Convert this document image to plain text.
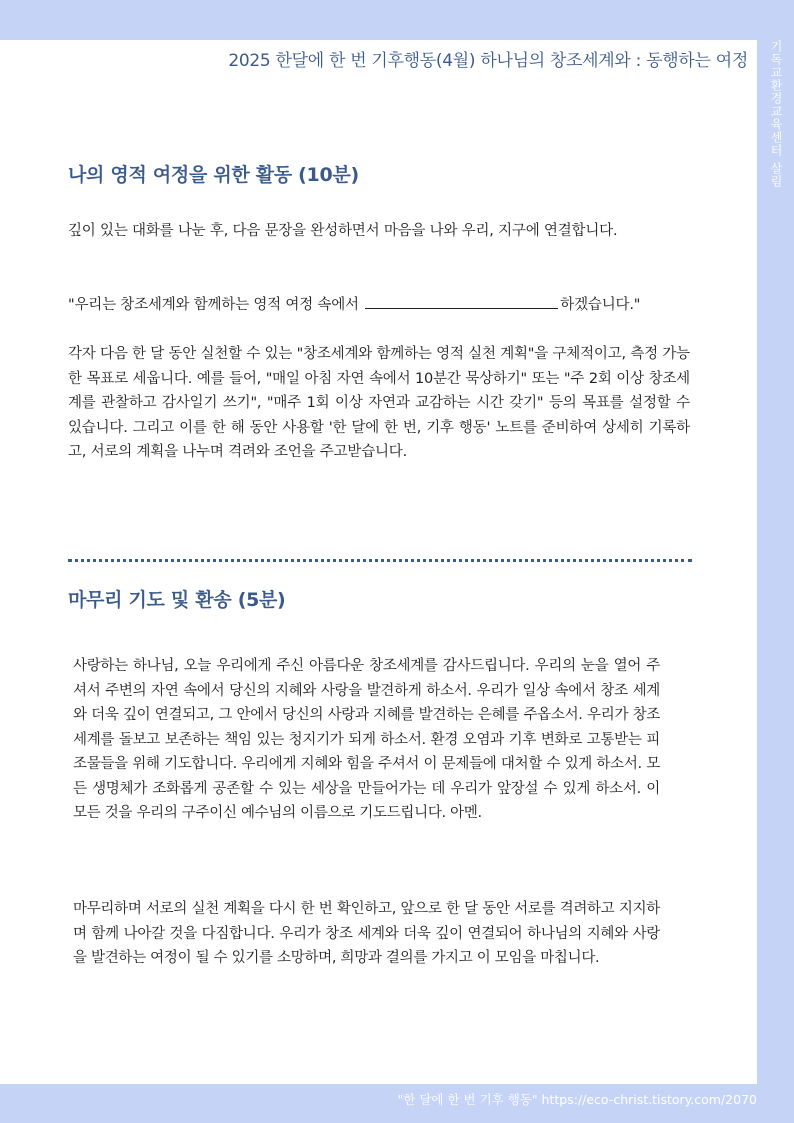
2025 한달에 한 번 기후행동(4월) 하나님의 창조세계와 : 동행하는 여정 기독교환경교육센터 살림
나의 영적 여정을 위한 활동 (10분)
깊이 있는 대화를 나눈 후, 다음 문장을 완성하면서 마음을 나와 우리, 지구에 연결합니다.
"우리는 창조세계와 함께하는 영적 여정 속에서	하겠습니다."
각자 다음 한 달 동안 실천할 수 있는 "창조세계와 함께하는 영적 실천 계획"을 구체적이고, 측정 가능한 목표로 세웁니다. 예를 들어, "매일 아침 자연 속에서 10분간 묵상하기" 또는 "주 2회 이상 창조세계를 관찰하고 감사일기 쓰기", "매주 1회 이상 자연과 교감하는 시간 갖기" 등의 목표를 설정할 수 있습니다. 그리고 이를 한 해 동안 사용할 '한 달에 한 번, 기후 행동' 노트를 준비하여 상세히 기록하고, 서로의 계획을 나누며 격려와 조언을 주고받습니다.
마무리 기도 및 환송 (5분)
사랑하는 하나님, 오늘 우리에게 주신 아름다운 창조세계를 감사드립니다. 우리의 눈을 열어 주셔서 주변의 자연 속에서 당신의 지혜와 사랑을 발견하게 하소서. 우리가 일상 속에서 창조 세계와 더욱 깊이 연결되고, 그 안에서 당신의 사랑과 지혜를 발견하는 은혜를 주옵소서. 우리가 창조 세계를 돌보고 보존하는 책임 있는 청지기가 되게 하소서. 환경 오염과 기후 변화로 고통받는 피조물들을 위해 기도합니다. 우리에게 지혜와 힘을 주셔서 이 문제들에 대처할 수 있게 하소서. 모든 생명체가 조화롭게 공존할 수 있는 세상을 만들어가는 데 우리가 앞장설 수 있게 하소서. 이 모든 것을 우리의 구주이신 예수님의 이름으로 기도드립니다. 아멘.
마무리하며 서로의 실천 계획을 다시 한 번 확인하고, 앞으로 한 달 동안 서로를 격려하고 지지하며 함께 나아갈 것을 다짐합니다. 우리가 창조 세계와 더욱 깊이 연결되어 하나님의 지혜와 사랑을 발견하는 여정이 될 수 있기를 소망하며, 희망과 결의를 가지고 이 모임을 마칩니다.
"한 달에 한 번 기후 행동" https://eco-christ.tistory.com/2070
